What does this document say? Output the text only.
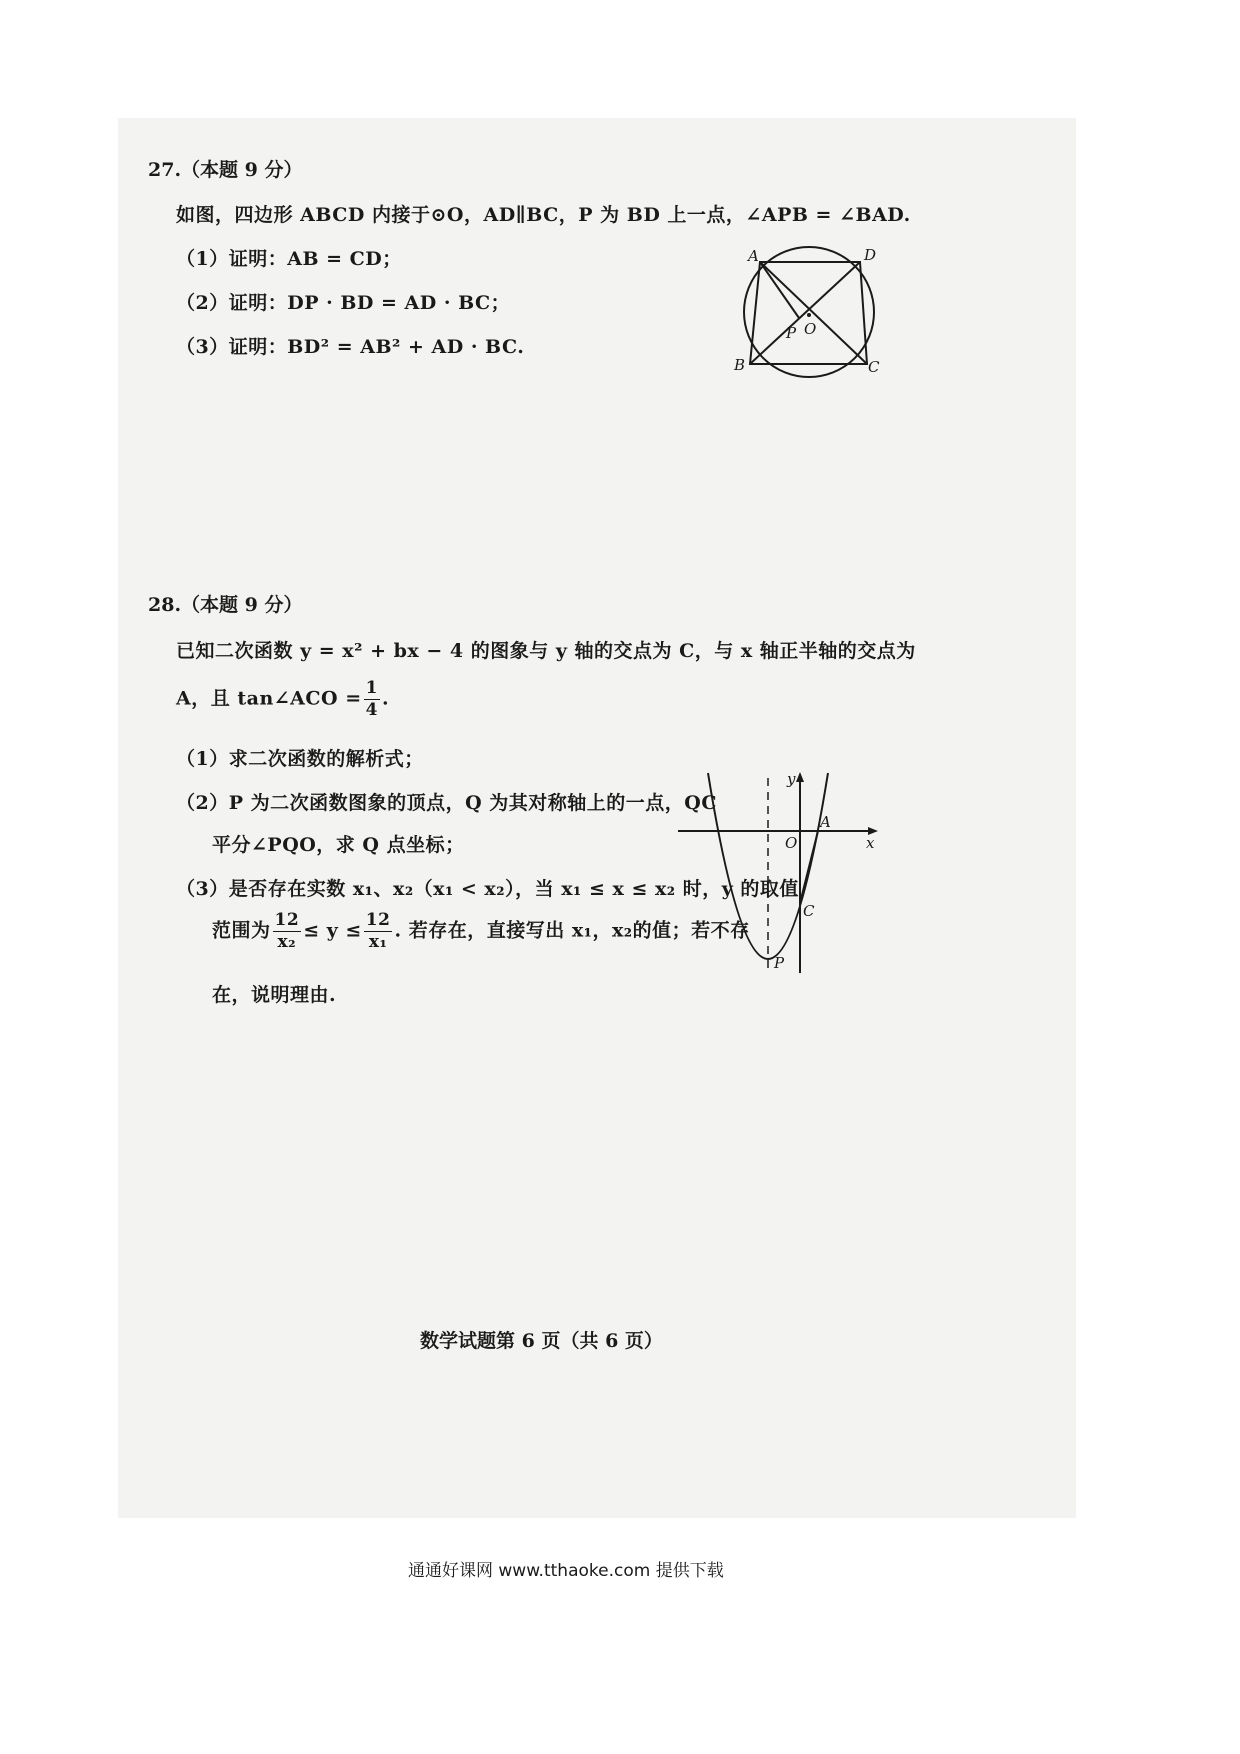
27.（本题 9 分）
如图，四边形 ABCD 内接于⊙O，AD∥BC，P 为 BD 上一点，∠APB = ∠BAD.
（1）证明：AB = CD；
（2）证明：DP · BD = AD · BC；
（3）证明：BD² = AB² + AD · BC.
A	D
B	C
P O
28.（本题 9 分）
已知二次函数 y = x² + bx − 4 的图象与 y 轴的交点为 C，与 x 轴正半轴的交点为
A，且 tan∠ACO = $\frac{1}{4}$ .
（1）求二次函数的解析式；
（2）P 为二次函数图象的顶点，Q 为其对称轴上的一点，QC
平分∠PQO，求 Q 点坐标；
（3）是否存在实数 x₁、x₂（x₁ < x₂），当 x₁ ≤ x ≤ x₂ 时，y 的取值
范围为 $\frac{12}{\text{x₂}} \le y \le \frac{12}{\text{x₁}}$ . 若存在，直接写出 x₁，x₂的值；若不存
在，说明理由.
y
x
O
A
C
P
数学试题第 6 页（共 6 页）
通通好课网 www.tthaoke.com 提供下载
